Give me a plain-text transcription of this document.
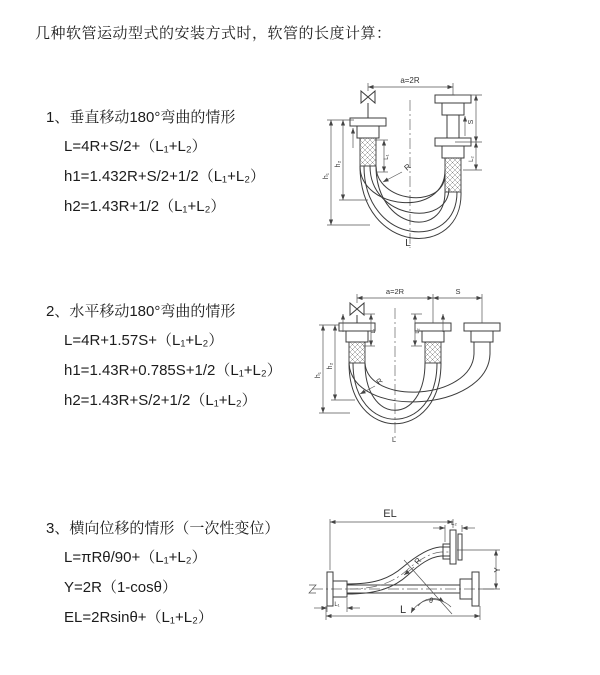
几种软管运动型式的安装方式时，软管的长度计算：
1、垂直移动180°弯曲的情形
L=4R+S/2+（L₁+L₂）
h1=1.432R+S/2+1/2（L₁+L₂）
h2=1.43R+1/2（L₁+L₂）
2、水平移动180°弯曲的情形
L=4R+1.57S+（L₁+L₂）
h1=1.43R+0.785S+1/2（L₁+L₂）
h2=1.43R+S/2+1/2（L₁+L₂）
3、横向位移的情形（一次性变位）
L=πRθ/90+（L₁+L₂）
Y=2R（1-cosθ）
EL=2Rsinθ+（L₁+L₂）
a=2R
h₁
h₂
L₁
S
L₂
R
L
a=2R	S
h₁
h₂
L₁	L₂
R
L
EL
L₂
Y
L
L₁
R
θ
